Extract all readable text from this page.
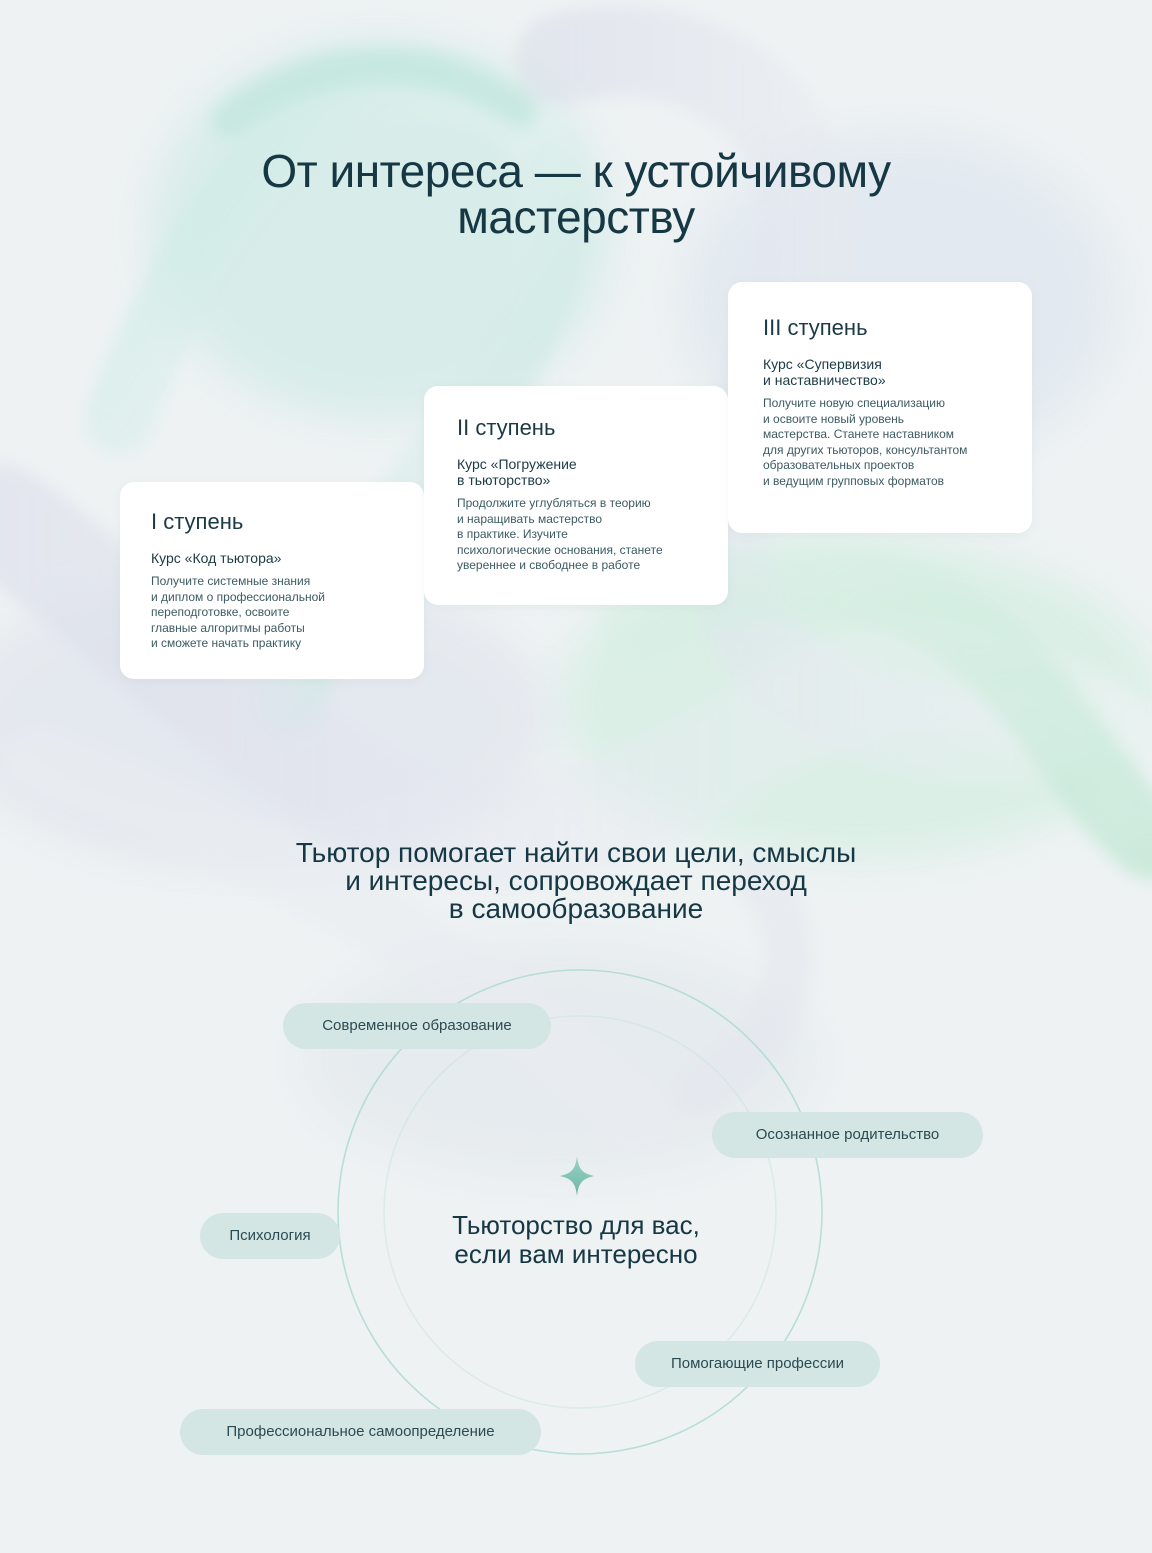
От интереса — к устойчивому мастерству
I ступень
Курс «Код тьютора»

Получите системные знания
и диплом о профессиональной
переподготовке, освоите
главные алгоритмы работы
и сможете начать практику

II ступень
Курс «Погружение
в тьюторство»

Продолжите углубляться в теорию
и наращивать мастерство
в практике. Изучите
психологические основания, станете
увереннее и свободнее в работе

III ступень
Курс «Супервизия
и наставничество»

Получите новую специализацию
и освоите новый уровень
мастерства. Станете наставником
для других тьюторов, консультантом
образовательных проектов
и ведущим групповых форматов

Тьютор помогает найти свои цели, смыслы
и интересы, сопровождает переход
в самообразование

Тьюторство для вас,
если вам интересно

Современное образование
Осознанное родительство
Психология
Помогающие профессии
Профессиональное самоопределение
